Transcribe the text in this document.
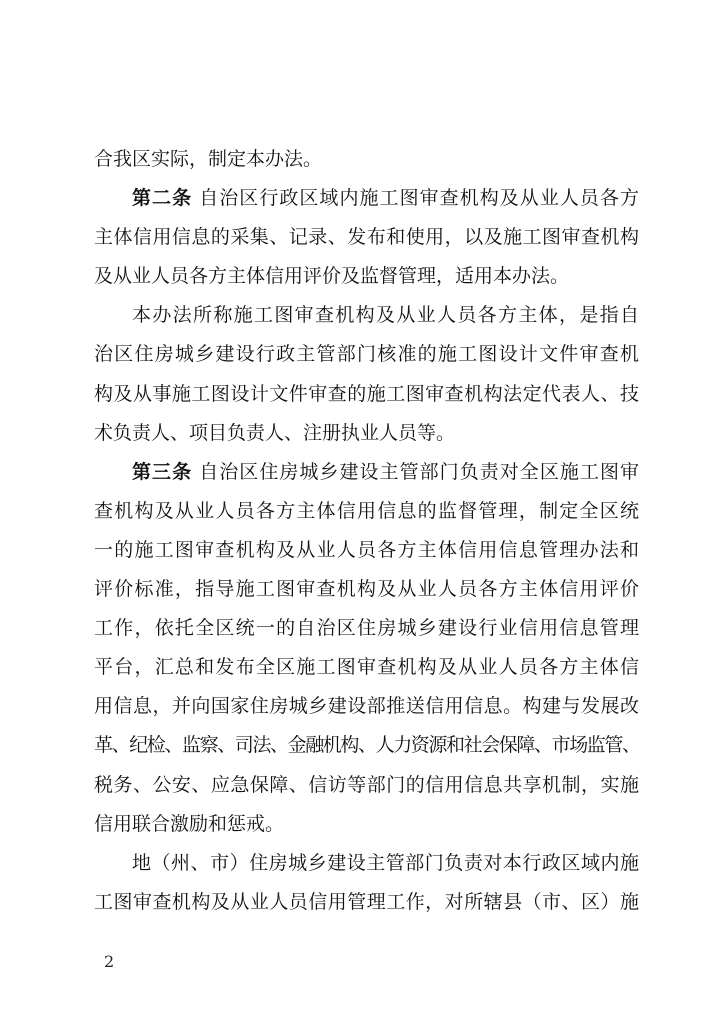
合我区实际，制定本办法。
第二条 自治区行政区域内施工图审查机构及从业人员各方
主体信用信息的采集、记录、发布和使用，以及施工图审查机构
及从业人员各方主体信用评价及监督管理，适用本办法。
本办法所称施工图审查机构及从业人员各方主体，是指自
治区住房城乡建设行政主管部门核准的施工图设计文件审查机
构及从事施工图设计文件审查的施工图审查机构法定代表人、技
术负责人、项目负责人、注册执业人员等。
第三条 自治区住房城乡建设主管部门负责对全区施工图审
查机构及从业人员各方主体信用信息的监督管理，制定全区统
一的施工图审查机构及从业人员各方主体信用信息管理办法和
评价标准，指导施工图审查机构及从业人员各方主体信用评价
工作，依托全区统一的自治区住房城乡建设行业信用信息管理
平台，汇总和发布全区施工图审查机构及从业人员各方主体信
用信息，并向国家住房城乡建设部推送信用信息。构建与发展改
革、纪检、监察、司法、金融机构、人力资源和社会保障、市场监管、
税务、公安、应急保障、信访等部门的信用信息共享机制，实施
信用联合激励和惩戒。
地（州、市）住房城乡建设主管部门负责对本行政区域内施
工图审查机构及从业人员信用管理工作，对所辖县（市、区）施
2
